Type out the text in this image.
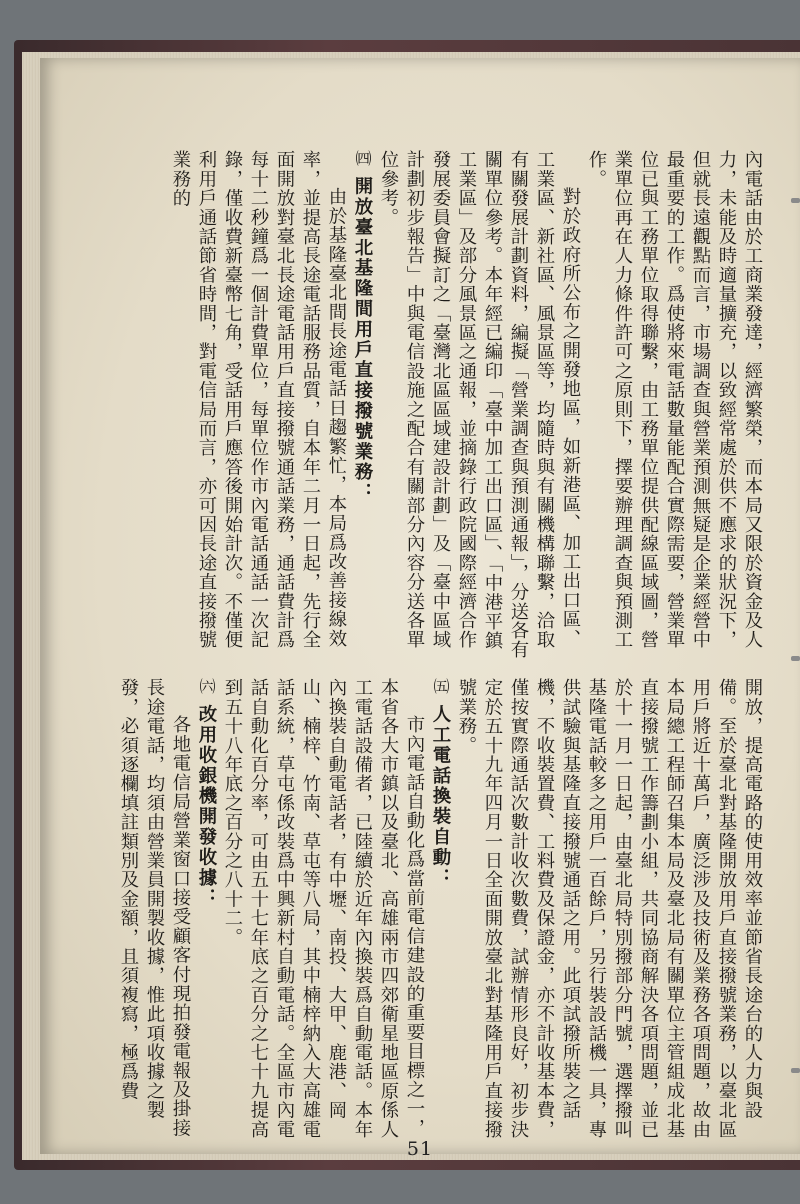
內電話由於工商業發達，經濟繁榮，而本局又限於資金及人力，未能及時適量擴充，以致經常處於供不應求的狀況下，但就長遠觀點而言，市場調查與營業預測無疑是企業經營中最重要的工作。爲使將來電話數量能配合實際需要，營業單位已與工務單位取得聯繫，由工務單位提供配線區域圖，營業單位再在人力條件許可之原則下，擇要辦理調查與預測工作。

對於政府所公布之開發地區，如新港區、加工出口區、工業區、新社區、風景區等，均隨時與有關機構聯繫，洽取有關發展計劃資料，編擬「營業調查與預測通報」，分送各有關單位參考。本年經已編印「臺中加工出口區」、「中港平鎮工業區」及部分風景區之通報，並摘錄行政院國際經濟合作發展委員會擬訂之「臺灣北區區域建設計劃」及「臺中區域計劃初步報告」中與電信設施之配合有關部分內容分送各單位參考。

㈣ 開放臺北基隆間用戶直接撥號業務：

由於基隆臺北間長途電話日趨繁忙，本局爲改善接線效率，並提高長途電話服務品質，自本年二月一日起，先行全面開放對臺北長途電話用戶直接撥號通話業務，通話費計爲每十二秒鐘爲一個計費單位，每單位作市內電話通話一次記錄，僅收費新臺幣七角，受話用戶應答後開始計次。不僅便利用戶通話節省時間，對電信局而言，亦可因長途直接撥號業務的

開放，提高電路的使用效率並節省長途台的人力與設備。至於臺北對基隆開放用戶直接撥號業務，以臺北區用戶將近十萬戶，廣泛涉及技術及業務各項問題，故由本局總工程師召集本局及臺北局有關單位主管組成北基直接撥號工作籌劃小組，共同協商解決各項問題，並已於十一月一日起，由臺北局特別撥部分門號，選擇撥叫基隆電話較多之用戶一百餘戶，另行裝設話機一具，專供試驗與基隆直接撥號通話之用。此項試撥所裝之話機，不收裝置費、工料費及保證金，亦不計收基本費，僅按實際通話次數計收次數費，試辦情形良好，初步決定於五十九年四月一日全面開放臺北對基隆用戶直接撥號業務。

㈤ 人工電話換裝自動：

市內電話自動化爲當前電信建設的重要目標之一，本省各大市鎮以及臺北、高雄兩市四郊衛星地區原係人工電話設備者，已陸續於近年內換裝爲自動電話。本年內換裝自動電話者，有中壢、南投、大甲、鹿港、岡山、楠梓、竹南、草屯等八局，其中楠梓納入大高雄電話系統，草屯係改裝爲中興新村自動電話。全區市內電話自動化百分率，可由五十七年底之百分之七十九提高到五十八年底之百分之八十二。

㈥ 改用收銀機開發收據：

各地電信局營業窗口接受顧客付現拍發電報及掛接長途電話，均須由營業員開製收據，惟此項收據之製發，必須逐欄填註類別及金額，且須複寫，極爲費

51
